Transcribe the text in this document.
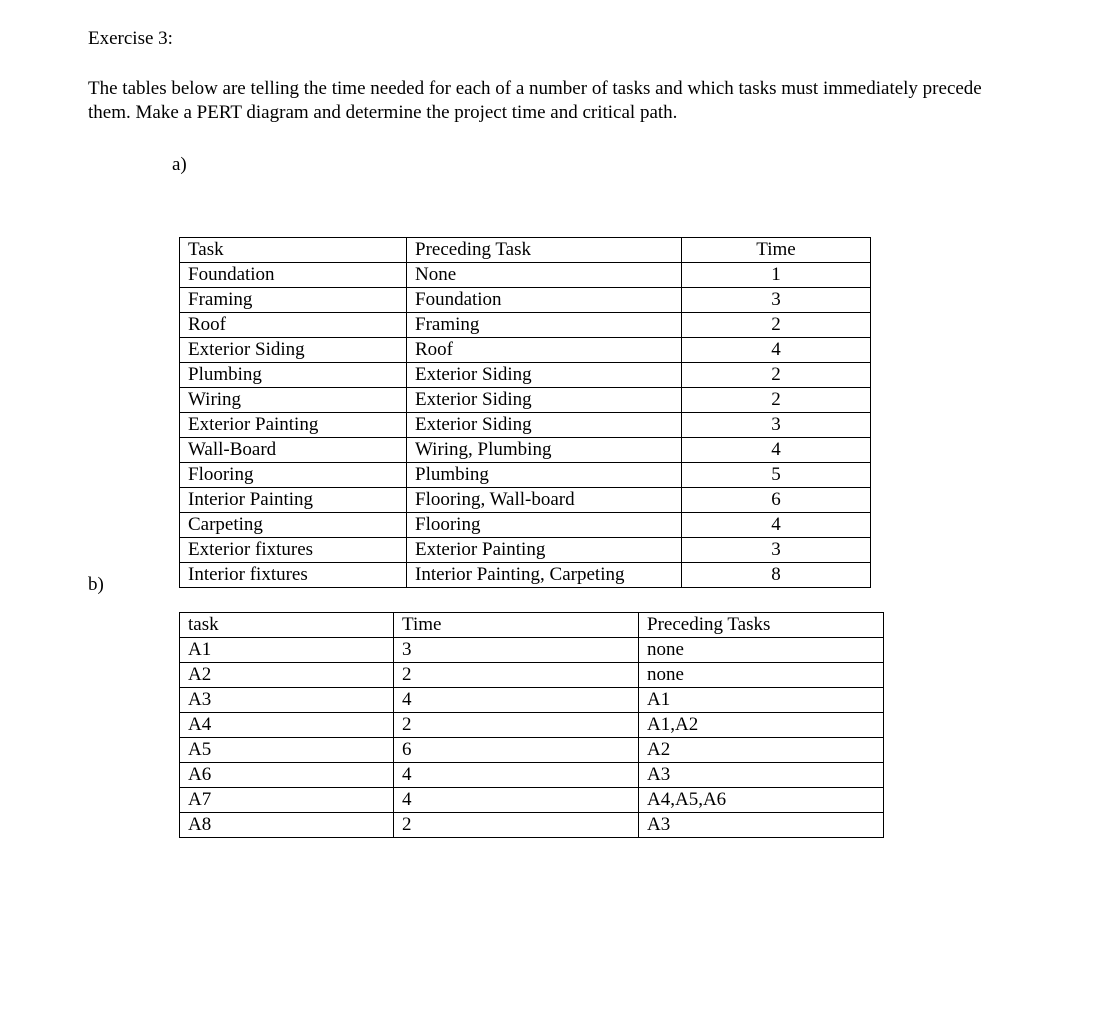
Exercise 3:
The tables below are telling the time needed for each of a number of tasks and which tasks must immediately precede them. Make a PERT diagram and determine the project time and critical path.
a)
b)
Task	Preceding Task	Time
Foundation	None	1
Framing	Foundation	3
Roof	Framing	2
Exterior Siding	Roof	4
Plumbing	Exterior Siding	2
Wiring	Exterior Siding	2
Exterior Painting	Exterior Siding	3
Wall-Board	Wiring, Plumbing	4
Flooring	Plumbing	5
Interior Painting	Flooring, Wall-board	6
Carpeting	Flooring	4
Exterior fixtures	Exterior Painting	3
Interior fixtures	Interior Painting, Carpeting	8
task	Time	Preceding Tasks
A1	3	none
A2	2	none
A3	4	A1
A4	2	A1,A2
A5	6	A2
A6	4	A3
A7	4	A4,A5,A6
A8	2	A3
